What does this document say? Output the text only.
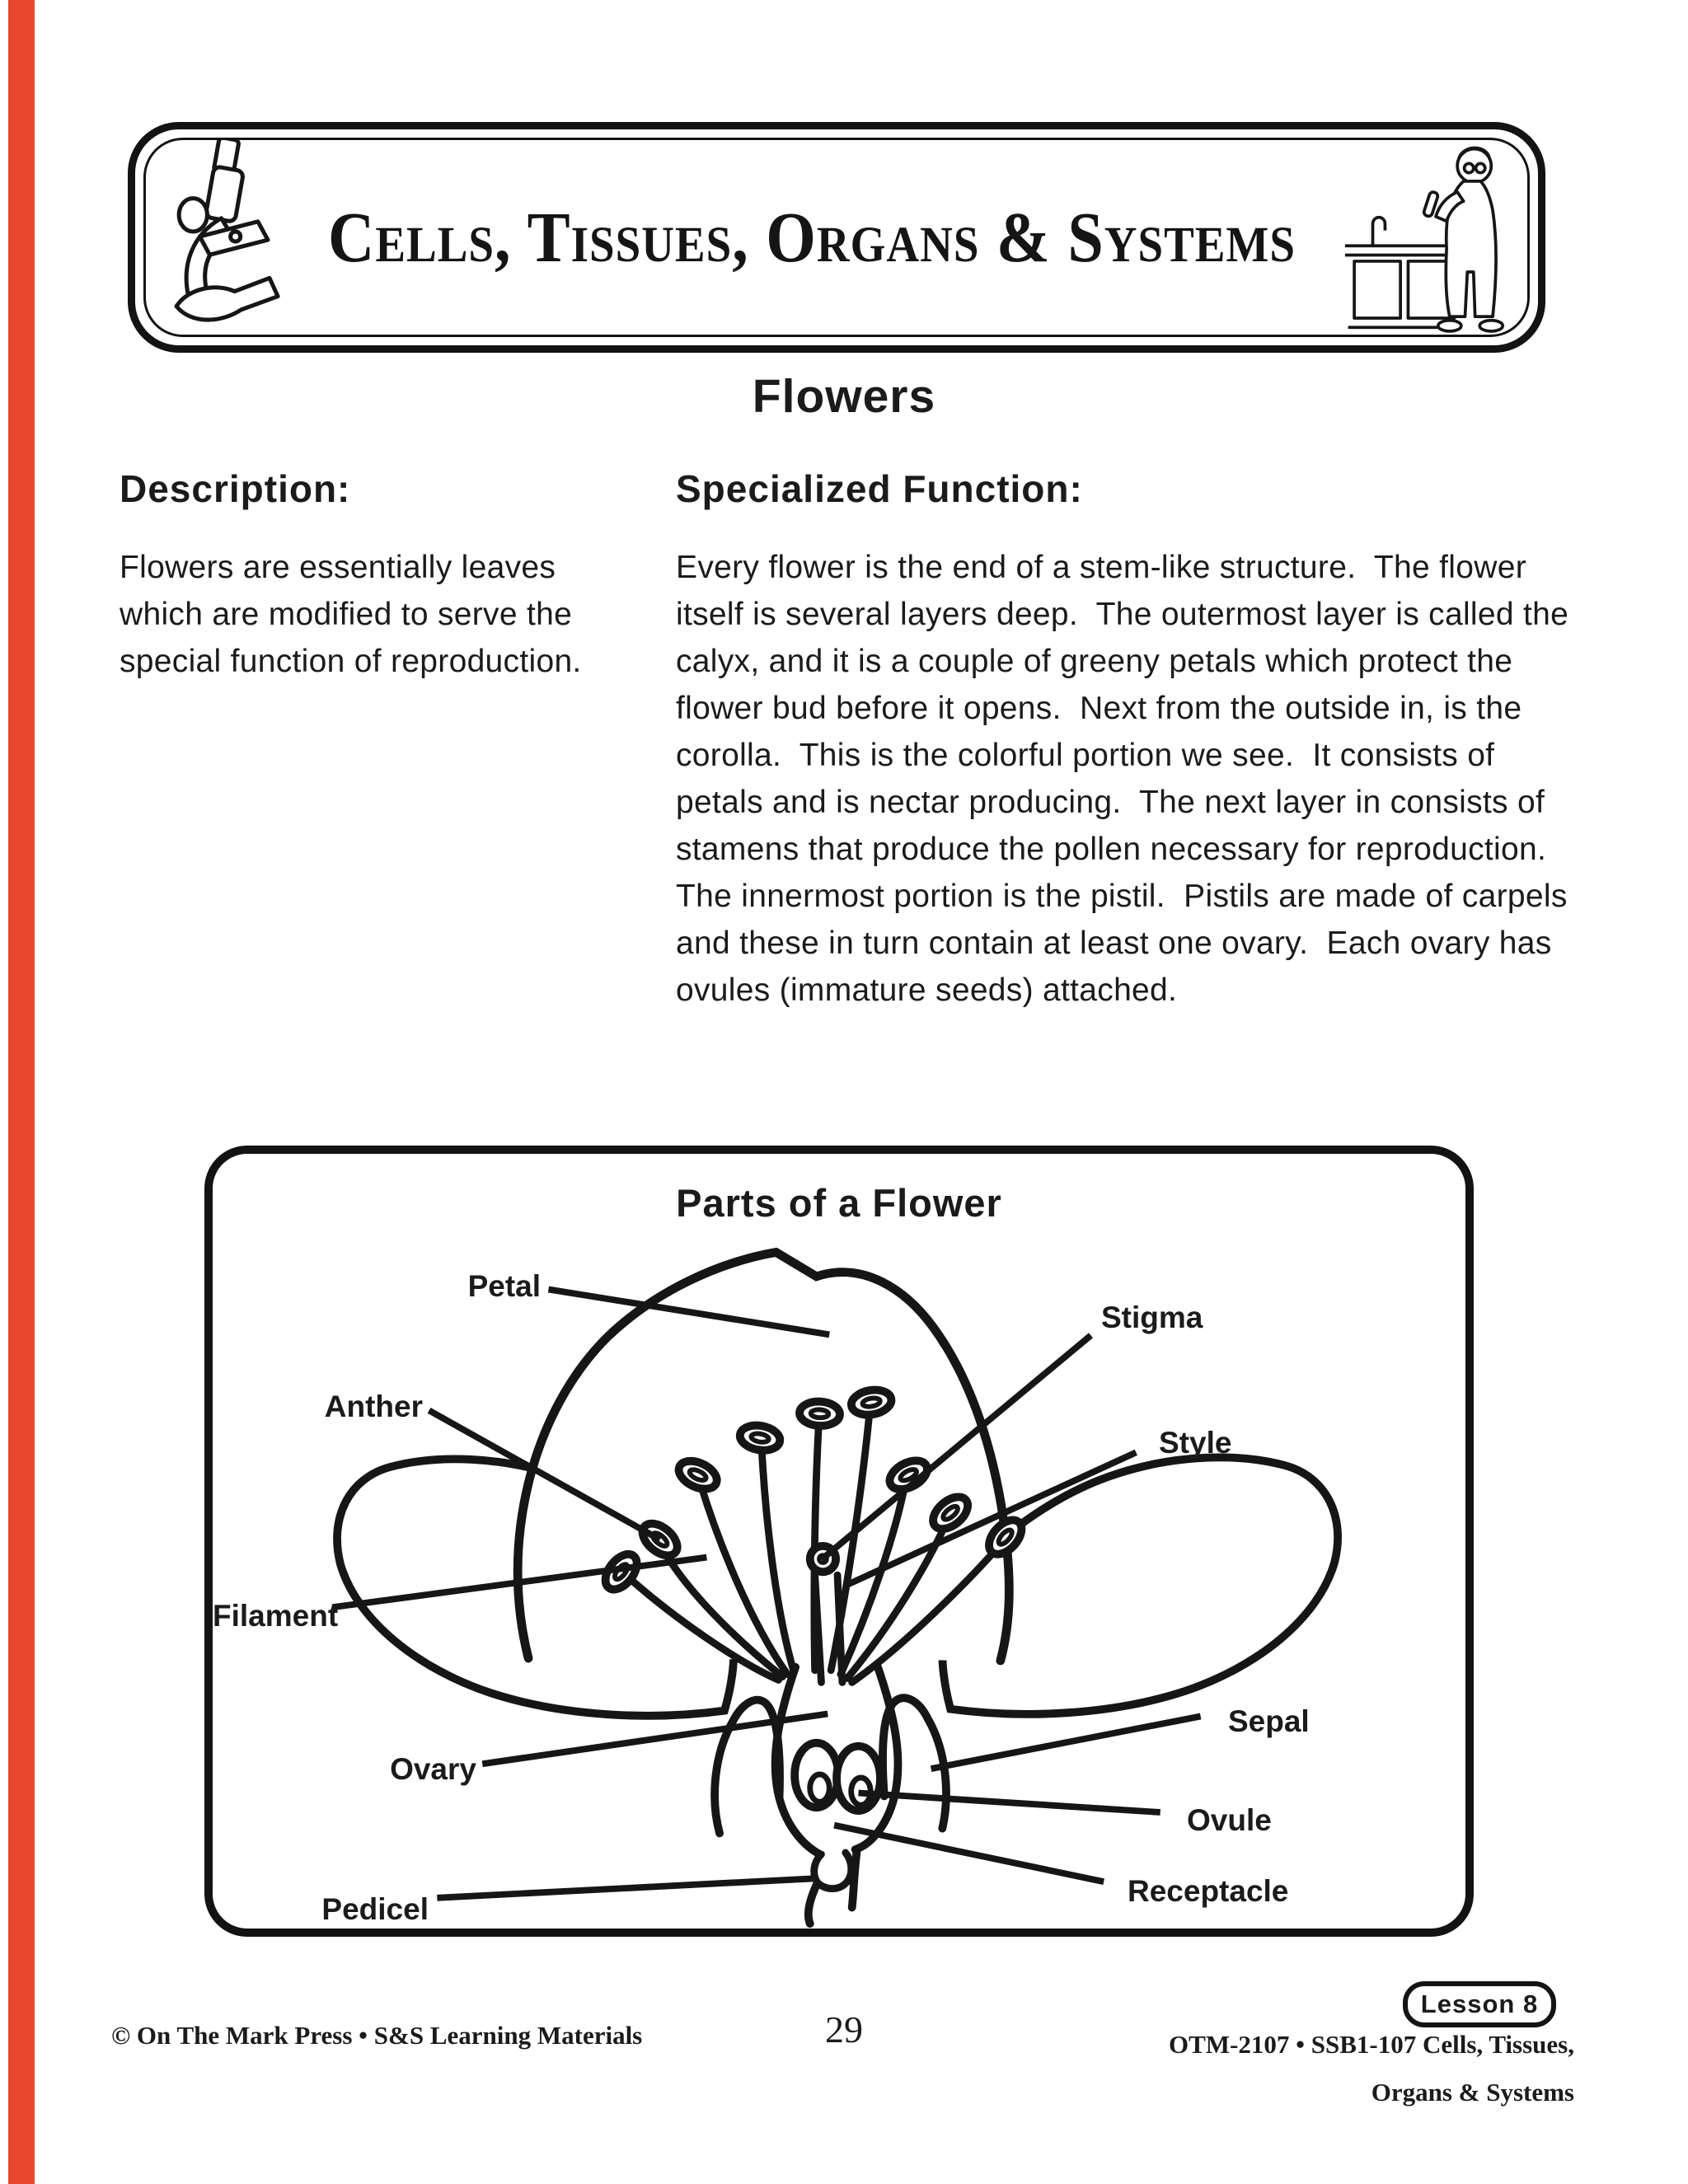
Cells, Tissues, Organs & Systems
Flowers
Description:	Specialized Function:

Flowers are essentially leaves which are modified to serve the special function of reproduction.

Every flower is the end of a stem-like structure.  The flower itself is several layers deep.  The outermost layer is called the calyx, and it is a couple of greeny petals which protect the flower bud before it opens.  Next from the outside in, is the corolla.  This is the colorful portion we see.  It consists of petals and is nectar producing.  The next layer in consists of stamens that produce the pollen necessary for reproduction.  The innermost portion is the pistil.  Pistils are made of carpels and these in turn contain at least one ovary.  Each ovary has ovules (immature seeds) attached.

Parts of a Flower
Petal
Stigma
Anther
Style
Filament
Sepal
Ovary
Ovule
Receptacle
Pedicel

© On The Mark Press • S&S Learning Materials	29	OTM-2107 • SSB1-107 Cells, Tissues,
Organs & Systems

Lesson 8
